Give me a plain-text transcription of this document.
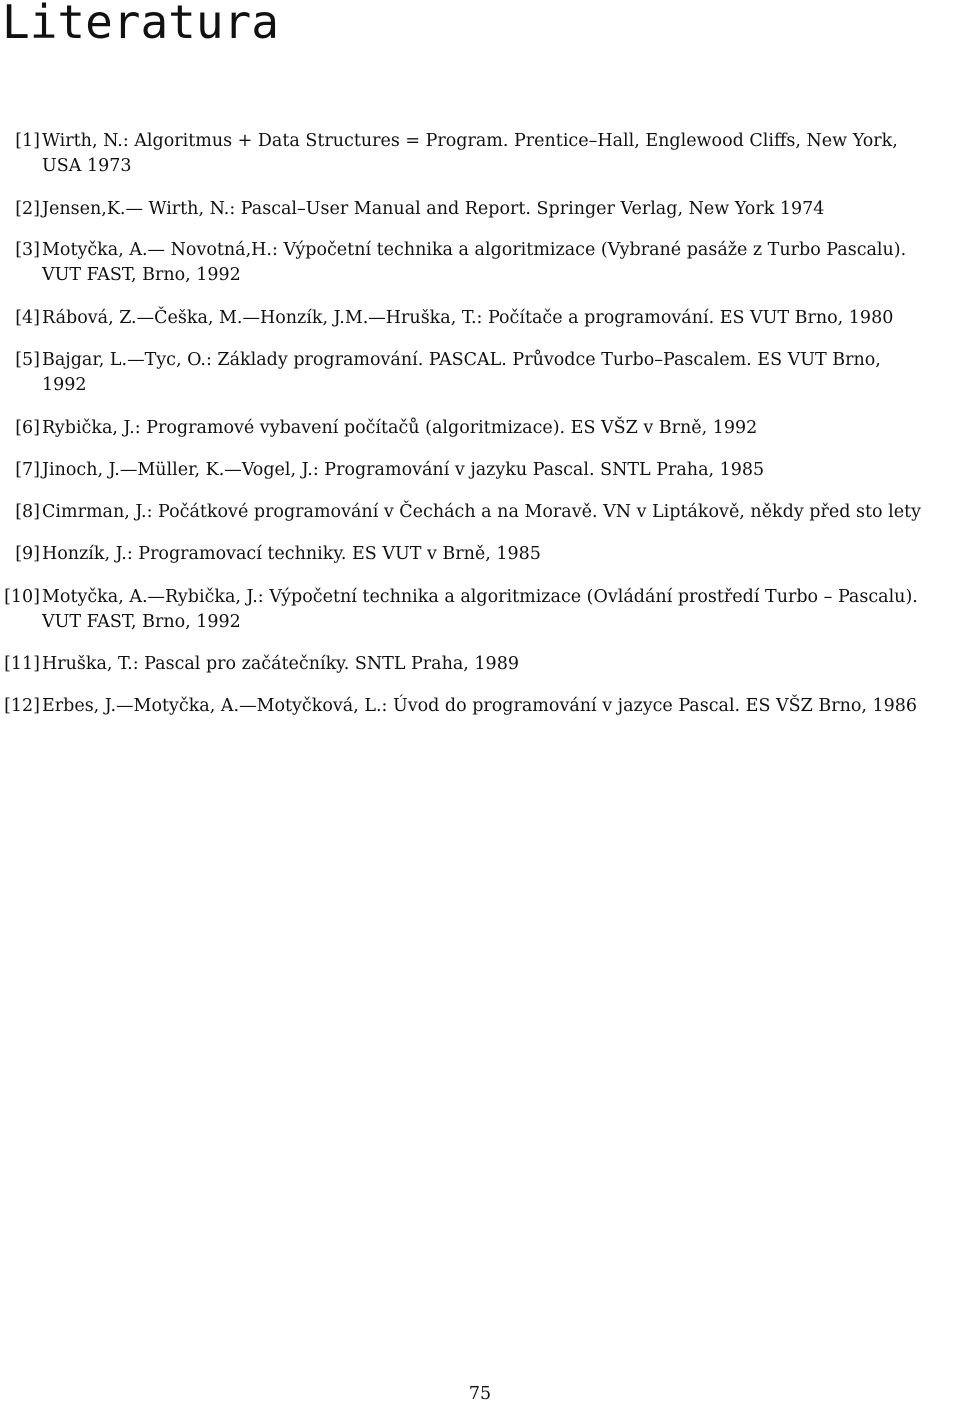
Literatura
[1] Wirth, N.: Algoritmus + Data Structures = Program. Prentice–Hall, Englewood Cliffs, New York,
USA 1973
[2] Jensen,K.— Wirth, N.: Pascal–User Manual and Report. Springer Verlag, New York 1974
[3] Motyčka, A.— Novotná,H.: Výpočetní technika a algoritmizace (Vybrané pasáže z Turbo Pascalu).
VUT FAST, Brno, 1992
[4] Rábová, Z.—Češka, M.—Honzík, J.M.—Hruška, T.: Počítače a programování. ES VUT Brno, 1980
[5] Bajgar, L.—Tyc, O.: Základy programování. PASCAL. Průvodce Turbo–Pascalem. ES VUT Brno,
1992
[6] Rybička, J.: Programové vybavení počítačů (algoritmizace). ES VŠZ v Brně, 1992
[7] Jinoch, J.—Müller, K.—Vogel, J.: Programování v jazyku Pascal. SNTL Praha, 1985
[8] Cimrman, J.: Počátkové programování v Čechách a na Moravě. VN v Liptákově, někdy před sto lety
[9] Honzík, J.: Programovací techniky. ES VUT v Brně, 1985
[10] Motyčka, A.—Rybička, J.: Výpočetní technika a algoritmizace (Ovládání prostředí Turbo – Pascalu).
VUT FAST, Brno, 1992
[11] Hruška, T.: Pascal pro začátečníky. SNTL Praha, 1989
[12] Erbes, J.—Motyčka, A.—Motyčková, L.: Úvod do programování v jazyce Pascal. ES VŠZ Brno, 1986
75
